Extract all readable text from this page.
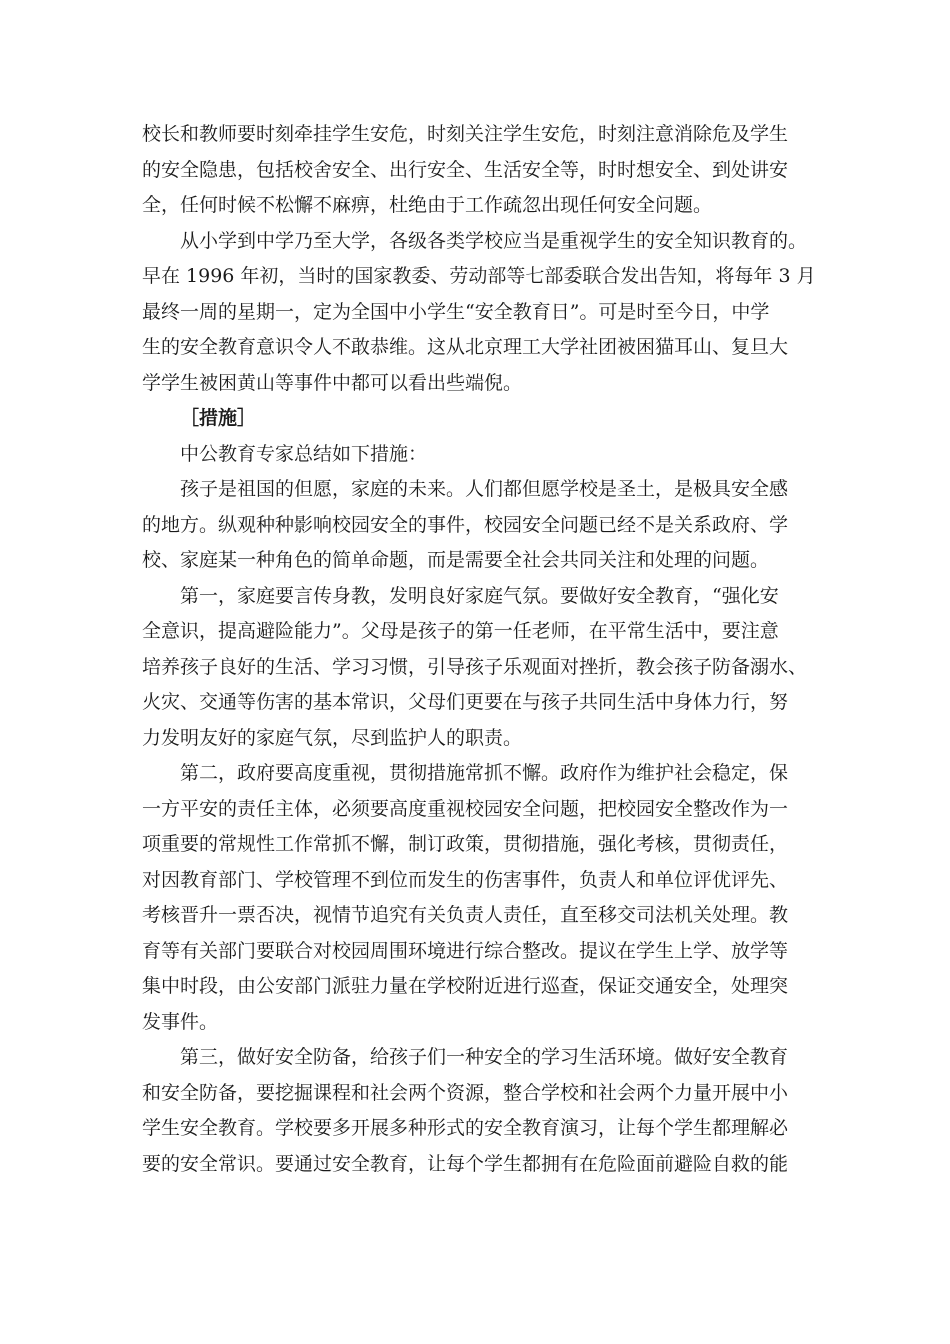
校长和教师要时刻牵挂学生安危，时刻关注学生安危，时刻注意消除危及学生
的安全隐患，包括校舍安全、出行安全、生活安全等，时时想安全、到处讲安
全，任何时候不松懈不麻痹，杜绝由于工作疏忽出现任何安全问题。
从小学到中学乃至大学，各级各类学校应当是重视学生的安全知识教育的。
早在 1996 年初，当时的国家教委、劳动部等七部委联合发出告知，将每年 3 月
最终一周的星期一，定为全国中小学生“安全教育日”。可是时至今日，中学
生的安全教育意识令人不敢恭维。这从北京理工大学社团被困猫耳山、复旦大
学学生被困黄山等事件中都可以看出些端倪。
［措施］
中公教育专家总结如下措施：
孩子是祖国的但愿，家庭的未来。人们都但愿学校是圣土，是极具安全感
的地方。纵观种种影响校园安全的事件，校园安全问题已经不是关系政府、学
校、家庭某一种角色的简单命题，而是需要全社会共同关注和处理的问题。
第一，家庭要言传身教，发明良好家庭气氛。要做好安全教育，“强化安
全意识，提高避险能力”。父母是孩子的第一任老师，在平常生活中，要注意
培养孩子良好的生活、学习习惯，引导孩子乐观面对挫折，教会孩子防备溺水、
火灾、交通等伤害的基本常识，父母们更要在与孩子共同生活中身体力行，努
力发明友好的家庭气氛，尽到监护人的职责。
第二，政府要高度重视，贯彻措施常抓不懈。政府作为维护社会稳定，保
一方平安的责任主体，必须要高度重视校园安全问题，把校园安全整改作为一
项重要的常规性工作常抓不懈，制订政策，贯彻措施，强化考核，贯彻责任，
对因教育部门、学校管理不到位而发生的伤害事件，负责人和单位评优评先、
考核晋升一票否决，视情节追究有关负责人责任，直至移交司法机关处理。教
育等有关部门要联合对校园周围环境进行综合整改。提议在学生上学、放学等
集中时段，由公安部门派驻力量在学校附近进行巡查，保证交通安全，处理突
发事件。
第三，做好安全防备，给孩子们一种安全的学习生活环境。做好安全教育
和安全防备，要挖掘课程和社会两个资源，整合学校和社会两个力量开展中小
学生安全教育。学校要多开展多种形式的安全教育演习，让每个学生都理解必
要的安全常识。要通过安全教育，让每个学生都拥有在危险面前避险自救的能
